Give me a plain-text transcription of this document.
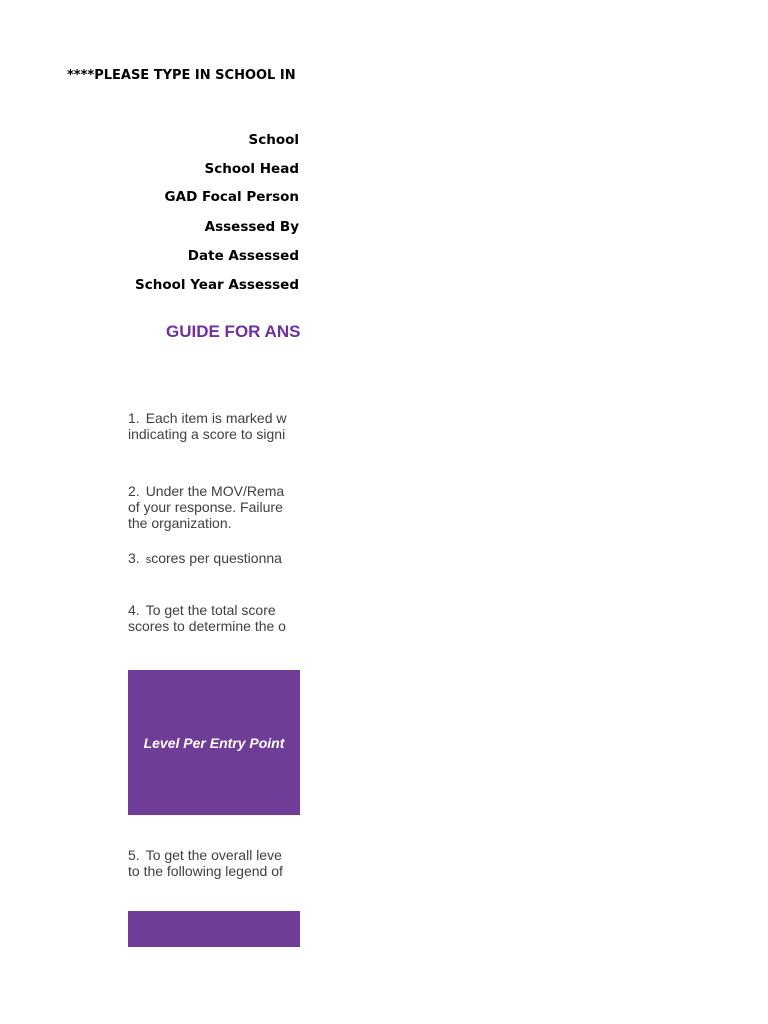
****PLEASE TYPE IN SCHOOL IN
School
School Head
GAD Focal Person
Assessed By
Date Assessed
School Year Assessed
GUIDE FOR ANS
1. Each item is marked w
indicating a score to signi
2. Under the MOV/Rema
of your response. Failure
the organization.
3. scores per questionna
4. To get the total score
scores to determine the o
Level Per Entry Point
5. To get the overall leve
to the following legend of
